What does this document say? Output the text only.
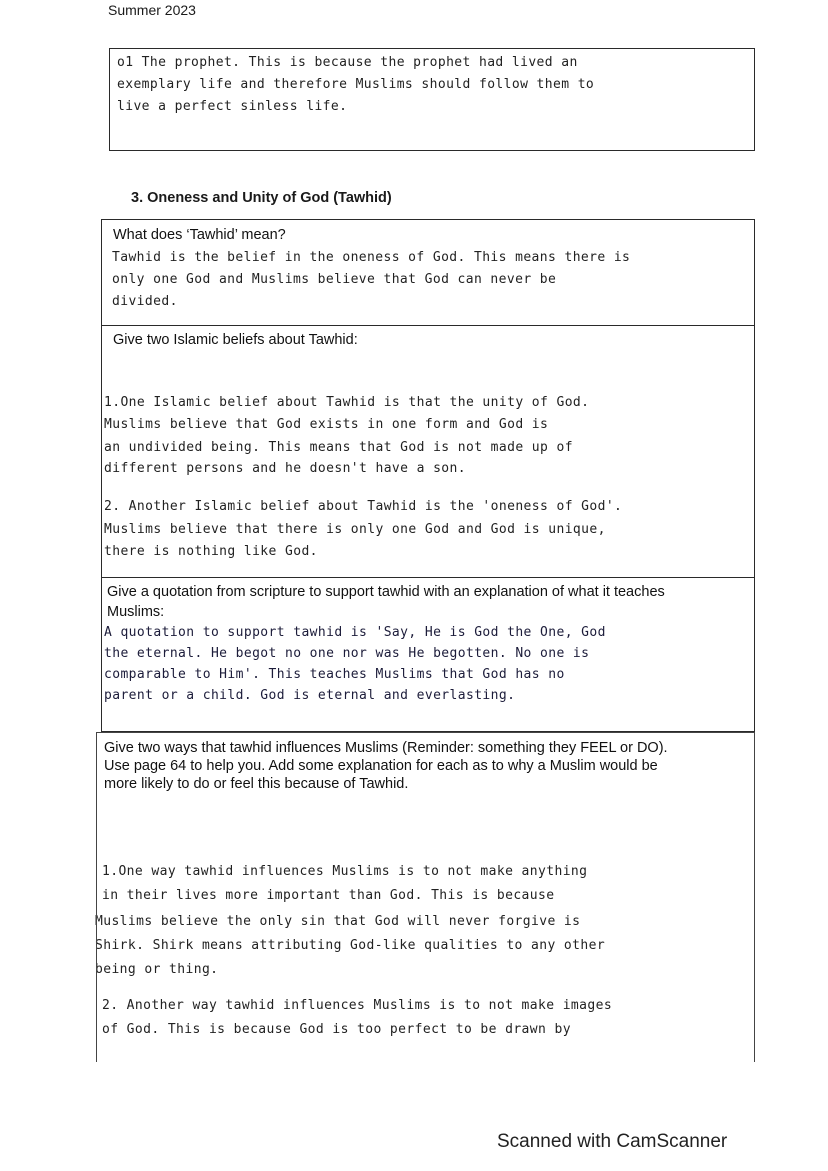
Summer 2023
o1 The prophet. This is because the prophet had lived an
exemplary life and therefore Muslims should follow them to
live a perfect sinless life.
3. Oneness and Unity of God (Tawhid)
What does ‘Tawhid’ mean?
Tawhid is the belief in the oneness of God. This means there is
only one God and Muslims believe that God can never be
divided.
Give two Islamic beliefs about Tawhid:
1.One Islamic belief about Tawhid is that the unity of God.
Muslims believe that God exists in one form and God is
an undivided being. This means that God is not made up of
different persons and he doesn't have a son.
2. Another Islamic belief about Tawhid is the 'oneness of God'.
Muslims believe that there is only one God and God is unique,
there is nothing like God.
Give a quotation from scripture to support tawhid with an explanation of what it teaches
Muslims:
A quotation to support tawhid is 'Say, He is God the One, God
the eternal. He begot no one nor was He begotten. No one is
comparable to Him'. This teaches Muslims that God has no
parent or a child. God is eternal and everlasting.
Give two ways that tawhid influences Muslims (Reminder: something they FEEL or DO).
Use page 64 to help you. Add some explanation for each as to why a Muslim would be
more likely to do or feel this because of Tawhid.
1.One way tawhid influences Muslims is to not make anything
in their lives more important than God. This is because
Muslims believe the only sin that God will never forgive is
Shirk. Shirk means attributing God-like qualities to any other
being or thing.
2. Another way tawhid influences Muslims is to not make images
of God. This is because God is too perfect to be drawn by
Scanned with CamScanner
